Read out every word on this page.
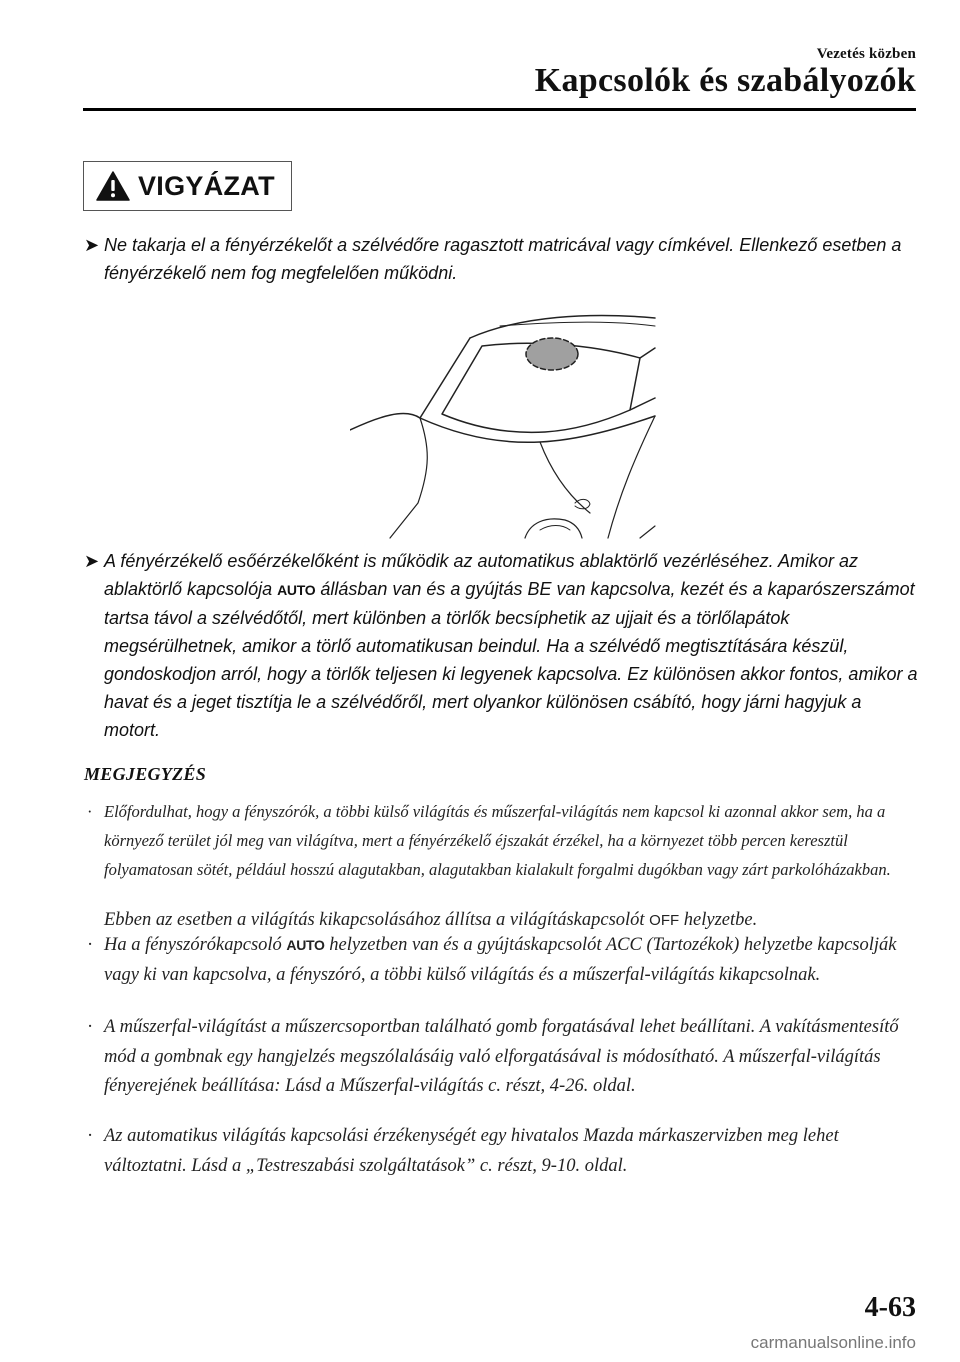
Vezetés közben
Kapcsolók és szabályozók
VIGYÁZAT
➤ Ne takarja el a fényérzékelőt a szélvédőre ragasztott matricával vagy címkével. Ellenkező esetben a fényérzékelő nem fog megfelelően működni.
➤ A fényérzékelő esőérzékelőként is működik az automatikus ablaktörlő vezérléséhez. Amikor az ablaktörlő kapcsolója AUTO állásban van és a gyújtás BE van kapcsolva, kezét és a kaparószerszámot tartsa távol a szélvédőtől, mert különben a törlők becsíphetik az ujjait és a törlőlapátok megsérülhetnek, amikor a törlő automatikusan beindul. Ha a szélvédő megtisztítására készül, gondoskodjon arról, hogy a törlők teljesen ki legyenek kapcsolva. Ez különösen akkor fontos, amikor a havat és a jeget tisztítja le a szélvédőről, mert olyankor különösen csábító, hogy járni hagyjuk a motort.
MEGJEGYZÉS
· Előfordulhat, hogy a fényszórók, a többi külső világítás és műszerfal-világítás nem kapcsol ki azonnal akkor sem, ha a környező terület jól meg van világítva, mert a fényérzékelő éjszakát érzékel, ha a környezet több percen keresztül folyamatosan sötét, például hosszú alagutakban, alagutakban kialakult forgalmi dugókban vagy zárt parkolóházakban.
Ebben az esetben a világítás kikapcsolásához állítsa a világításkapcsolót OFF helyzetbe.
· Ha a fényszórókapcsoló AUTO helyzetben van és a gyújtáskapcsolót ACC (Tartozékok) helyzetbe kapcsolják vagy ki van kapcsolva, a fényszóró, a többi külső világítás és a műszerfal-világítás kikapcsolnak.
· A műszerfal-világítást a műszercsoportban található gomb forgatásával lehet beállítani. A vakításmentesítő mód a gombnak egy hangjelzés megszólalásáig való elforgatásával is módosítható. A műszerfal-világítás fényerejének beállítása: Lásd a Műszerfal-világítás c. részt, 4-26. oldal.
· Az automatikus világítás kapcsolási érzékenységét egy hivatalos Mazda márkaszervizben meg lehet változtatni. Lásd a „Testreszabási szolgáltatások” c. részt, 9-10. oldal.
4-63
carmanualsonline.info
